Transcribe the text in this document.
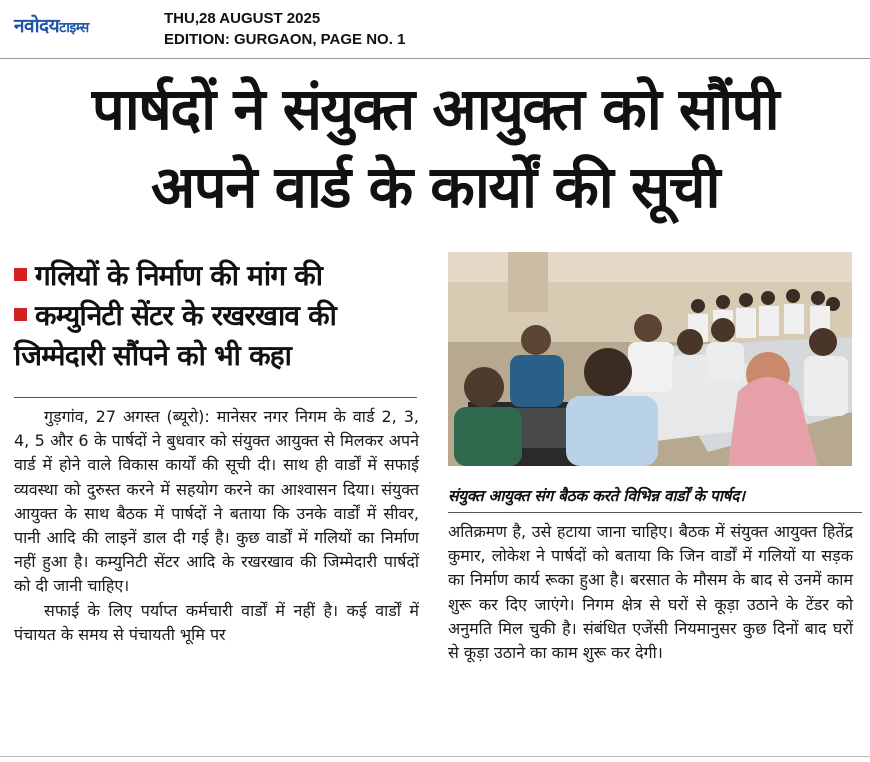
नवोदयटाइम्स
THU,28 AUGUST 2025
EDITION: GURGAON, PAGE NO. 1
पार्षदों ने संयुक्त आयुक्त को सौंपी
अपने वार्ड के कार्यों की सूची
गलियों के निर्माण की मांग की
कम्युनिटी सेंटर के रखरखाव की
जिम्मेदारी सौंपने को भी कहा

गुड़गांव, 27 अगस्त (ब्यूरो): मानेसर नगर निगम के वार्ड 2, 3, 4, 5 और 6 के पार्षदों ने बुधवार को संयुक्त आयुक्त से मिलकर अपने वार्ड में होने वाले विकास कार्यों की सूची दी। साथ ही वार्डों में सफाई व्यवस्था को दुरुस्त करने में सहयोग करने का आश्वासन दिया। संयुक्त आयुक्त के साथ बैठक में पार्षदों ने बताया कि उनके वार्डों में सीवर, पानी आदि की लाइनें डाल दी गई है। कुछ वार्डों में गलियों का निर्माण नहीं हुआ है। कम्युनिटी सेंटर आदि के रखरखाव की जिम्मेदारी पार्षदों को दी जानी चाहिए।

सफाई के लिए पर्याप्त कर्मचारी वार्डों में नहीं है। कई वार्डों में पंचायत के समय से पंचायती भूमि पर

संयुक्त आयुक्त संग बैठक करते विभिन्न वार्डों के पार्षद।

अतिक्रमण है, उसे हटाया जाना चाहिए। बैठक में संयुक्त आयुक्त हितेंद्र कुमार, लोकेश ने पार्षदों को बताया कि जिन वार्डों में गलियों या सड़क का निर्माण कार्य रूका हुआ है। बरसात के मौसम के बाद से उनमें काम शुरू कर दिए जाएंगे। निगम क्षेत्र से घरों से कूड़ा उठाने के टेंडर को अनुमति मिल चुकी है। संबंधित एजेंसी नियमानुसर कुछ दिनों बाद घरों से कूड़ा उठाने का काम शुरू कर देगी।
